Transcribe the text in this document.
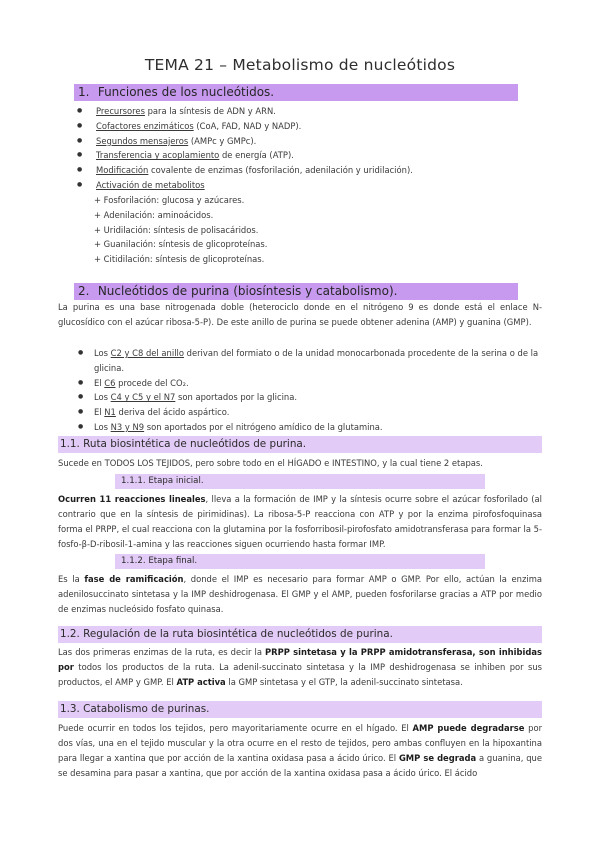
TEMA 21 – Metabolismo de nucleótidos
1. Funciones de los nucleótidos.
● Precursores para la síntesis de ADN y ARN.
● Cofactores enzimáticos (CoA, FAD, NAD y NADP).
● Segundos mensajeros (AMPc y GMPc).
● Transferencia y acoplamiento de energía (ATP).
● Modificación covalente de enzimas (fosforilación, adenilación y uridilación).
● Activación de metabolitos
+ Fosforilación: glucosa y azúcares.
+ Adenilación: aminoácidos.
+ Uridilación: síntesis de polisacáridos.
+ Guanilación: síntesis de glicoproteínas.
+ Citidilación: síntesis de glicoproteínas.
2. Nucleótidos de purina (biosíntesis y catabolismo).
La purina es una base nitrogenada doble (heterociclo donde en el nitrógeno 9 es donde está el enlace N-glucosídico con el azúcar ribosa-5-P). De este anillo de purina se puede obtener adenina (AMP) y guanina (GMP).
● Los C2 y C8 del anillo derivan del formiato o de la unidad monocarbonada procedente de la serina o de la glicina.
● El C6 procede del CO₂.
● Los C4 y C5 y el N7 son aportados por la glicina.
● El N1 deriva del ácido aspártico.
● Los N3 y N9 son aportados por el nitrógeno amídico de la glutamina.
1.1. Ruta biosintética de nucleótidos de purina.
Sucede en TODOS LOS TEJIDOS, pero sobre todo en el HÍGADO e INTESTINO, y la cual tiene 2 etapas.
1.1.1. Etapa inicial.
Ocurren 11 reacciones lineales, lleva a la formación de IMP y la síntesis ocurre sobre el azúcar fosforilado (al contrario que en la síntesis de pirimidinas). La ribosa-5-P reacciona con ATP y por la enzima pirofosfoquinasa forma el PRPP, el cual reacciona con la glutamina por la fosforribosil-pirofosfato amidotransferasa para formar la 5-fosfo-β-D-ribosil-1-amina y las reacciones siguen ocurriendo hasta formar IMP.
1.1.2. Etapa final.
Es la fase de ramificación, donde el IMP es necesario para formar AMP o GMP. Por ello, actúan la enzima adenilosuccinato sintetasa y la IMP deshidrogenasa. El GMP y el AMP, pueden fosforilarse gracias a ATP por medio de enzimas nucleósido fosfato quinasa.
1.2. Regulación de la ruta biosintética de nucleótidos de purina.
Las dos primeras enzimas de la ruta, es decir la PRPP sintetasa y la PRPP amidotransferasa, son inhibidas por todos los productos de la ruta. La adenil-succinato sintetasa y la IMP deshidrogenasa se inhiben por sus productos, el AMP y GMP. El ATP activa la GMP sintetasa y el GTP, la adenil-succinato sintetasa.
1.3. Catabolismo de purinas.
Puede ocurrir en todos los tejidos, pero mayoritariamente ocurre en el hígado. El AMP puede degradarse por dos vías, una en el tejido muscular y la otra ocurre en el resto de tejidos, pero ambas confluyen en la hipoxantina para llegar a xantina que por acción de la xantina oxidasa pasa a ácido úrico. El GMP se degrada a guanina, que se desamina para pasar a xantina, que por acción de la xantina oxidasa pasa a ácido úrico. El ácido
